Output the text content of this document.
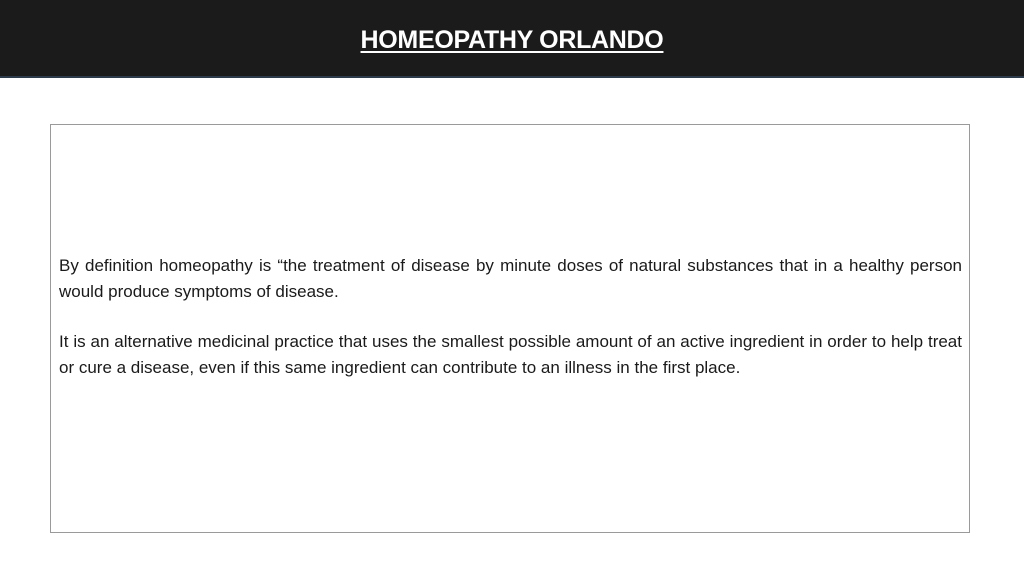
HOMEOPATHY ORLANDO

By definition homeopathy is “the treatment of disease by minute doses of natural substances that in a healthy person would produce symptoms of disease.

It is an alternative medicinal practice that uses the smallest possible amount of an active ingredient in order to help treat or cure a disease, even if this same ingredient can contribute to an illness in the first place.
